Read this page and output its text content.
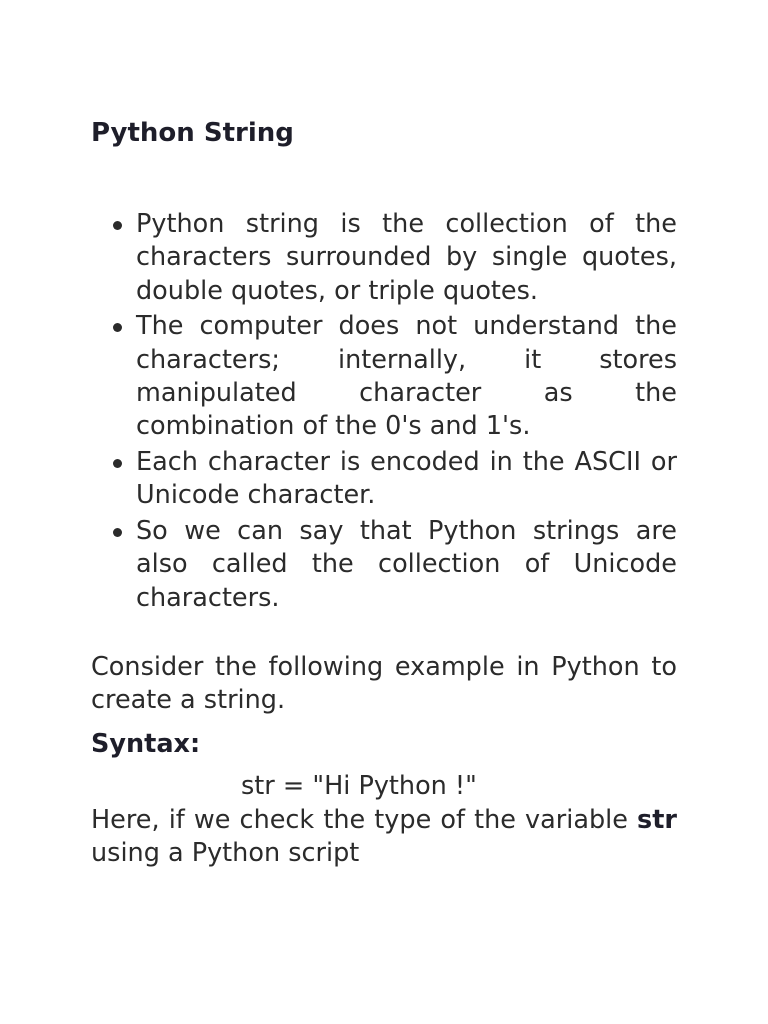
Python String
Python string is the collection of the characters surrounded by single quotes, double quotes, or triple quotes.
The computer does not understand the characters; internally, it stores manipulated character as the combination of the 0's and 1's.
Each character is encoded in the ASCII or Unicode character.
So we can say that Python strings are also called the collection of Unicode characters.

Consider the following example in Python to create a string.

Syntax:

str = "Hi Python !"

Here, if we check the type of the variable str using a Python script
